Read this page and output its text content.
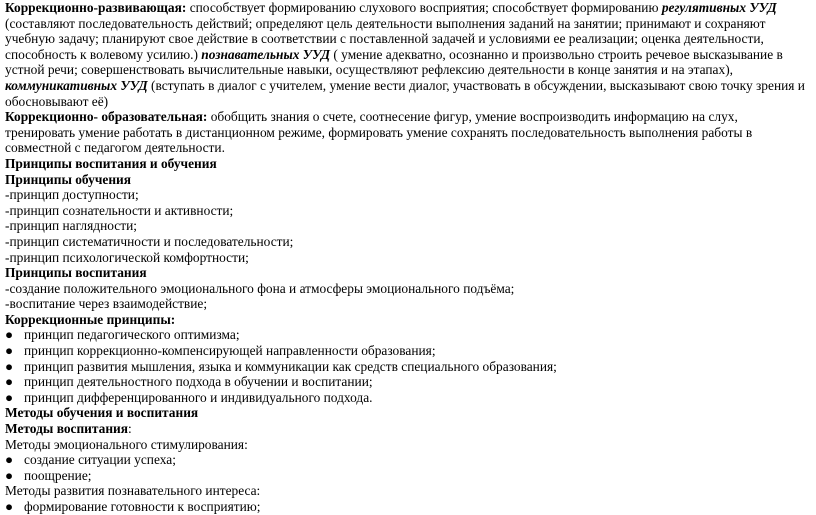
Коррекционно-развивающая: способствует формированию слухового восприятия; способствует формированию регулятивных УУД (составляют последовательность действий; определяют цель деятельности выполнения заданий на занятии; принимают и сохраняют учебную задачу; планируют свое действие в соответствии с поставленной задачей и условиями ее реализации; оценка деятельности, способность к волевому усилию.) познавательных УУД ( умение адекватно, осознанно и произвольно строить речевое высказывание в устной речи; совершенствовать вычислительные навыки, осуществляют рефлексию деятельности в конце занятия и на этапах), коммуникативных УУД (вступать в диалог с учителем, умение вести диалог, участвовать в обсуждении, высказывают свою точку зрения и обосновывают её)

Коррекционно- образовательная: обобщить знания о счете, соотнесение фигур, умение воспроизводить информацию на слух, тренировать умение работать в дистанционном режиме, формировать умение сохранять последовательность выполнения работы в совместной с педагогом деятельности.

Принципы воспитания и обучения

Принципы обучения

-принцип доступности;

-принцип сознательности и активности;

-принцип наглядности;

-принцип систематичности и последовательности;

-принцип психологической комфортности;

Принципы воспитания

-создание положительного эмоционального фона и атмосферы эмоционального подъёма;

-воспитание через взаимодействие;

Коррекционные принципы:

● принцип педагогического оптимизма;

● принцип коррекционно-компенсирующей направленности образования;

● принцип развития мышления, языка и коммуникации как средств специального образования;

● принцип деятельностного подхода в обучении и воспитании;

● принцип дифференцированного и индивидуального подхода.

Методы обучения и воспитания

Методы воспитания:

Методы эмоционального стимулирования:

● создание ситуации успеха;

● поощрение;

Методы развития познавательного интереса:

● формирование готовности к восприятию;
